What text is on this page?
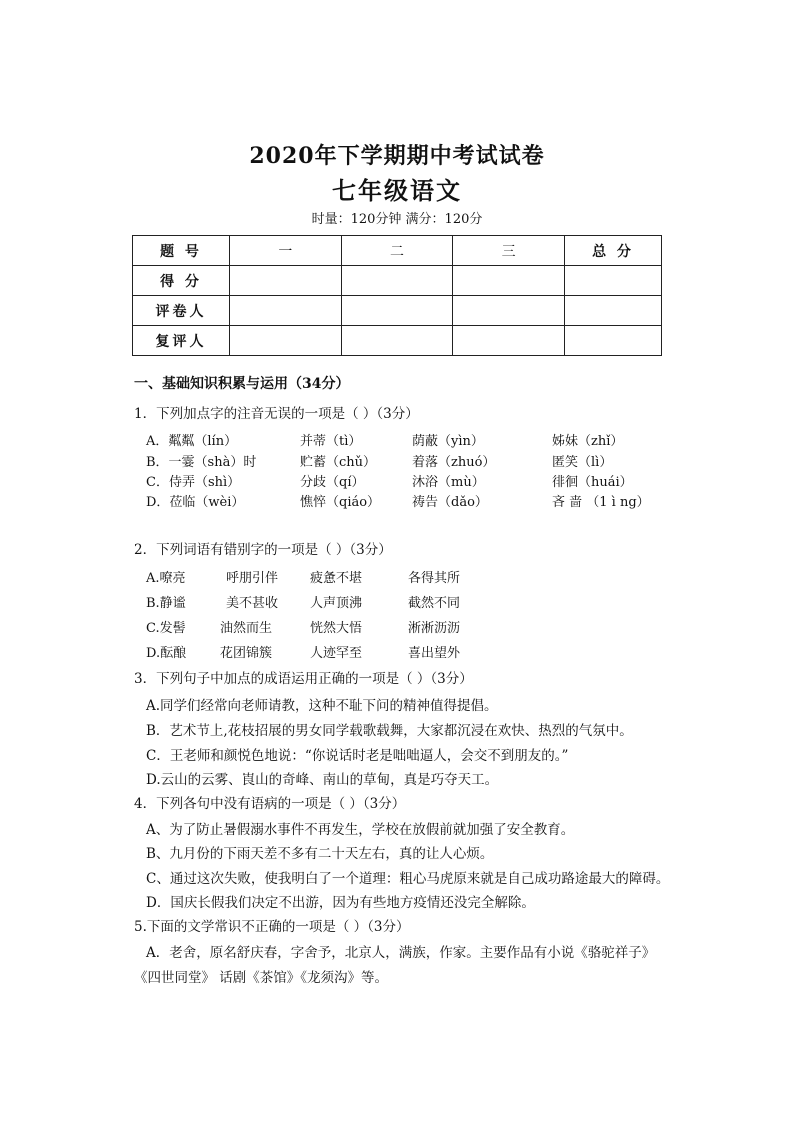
2020年下学期期中考试试卷
七年级语文
时量：120分钟 满分：120分
题 号	一	二	三	总 分
得 分				
评卷人				
复评人				
一、基础知识积累与运用（34分）
1．下列加点字的注音无误的一项是（ ）（3分）
A．粼粼（lín）	并蒂（tì）	荫蔽（yìn）	姊妹（zhǐ）
B．一霎（shà）时	贮蓄（chǔ）	着落（zhuó）	匿笑（lì）
C．侍弄（shì）	分歧（qí）	沐浴（mù）	徘徊（huái）
D．莅临（wèi）	憔悴（qiáo） 祷告（dǎo）	吝 啬 （1 ì ng）
2．下列词语有错别字的一项是（ ）（3分）
A.嘹亮	呼朋引伴 疲惫不堪	各得其所
B.静谧	美不甚收 人声顶沸	截然不同
C.发髻	油然而生	恍然大悟	淅淅沥沥
D.酝酿	花团锦簇	人迹罕至	喜出望外
3．下列句子中加点的成语运用正确的一项是（ ）（3分）
A.同学们经常向老师请教，这种不耻下问的精神值得提倡。
B．艺术节上,花枝招展的男女同学载歌载舞，大家都沉浸在欢快、热烈的气氛中。
C．王老师和颜悦色地说：“你说话时老是咄咄逼人，会交不到朋友的。”
D.云山的云雾、崀山的奇峰、南山的草甸，真是巧夺天工。
4．下列各句中没有语病的一项是（ ）（3分）
A、为了防止暑假溺水事件不再发生，学校在放假前就加强了安全教育。
B、九月份的下雨天差不多有二十天左右，真的让人心烦。
C、通过这次失败，使我明白了一个道理：粗心马虎原来就是自己成功路途最大的障碍。
D．国庆长假我们决定不出游，因为有些地方疫情还没完全解除。
5.下面的文学常识不正确的一项是（ ）（3分）
A．老舍，原名舒庆春，字舍予，北京人，满族，作家。主要作品有小说《骆驼祥子》
《四世同堂》 话剧《茶馆》《龙须沟》等。
